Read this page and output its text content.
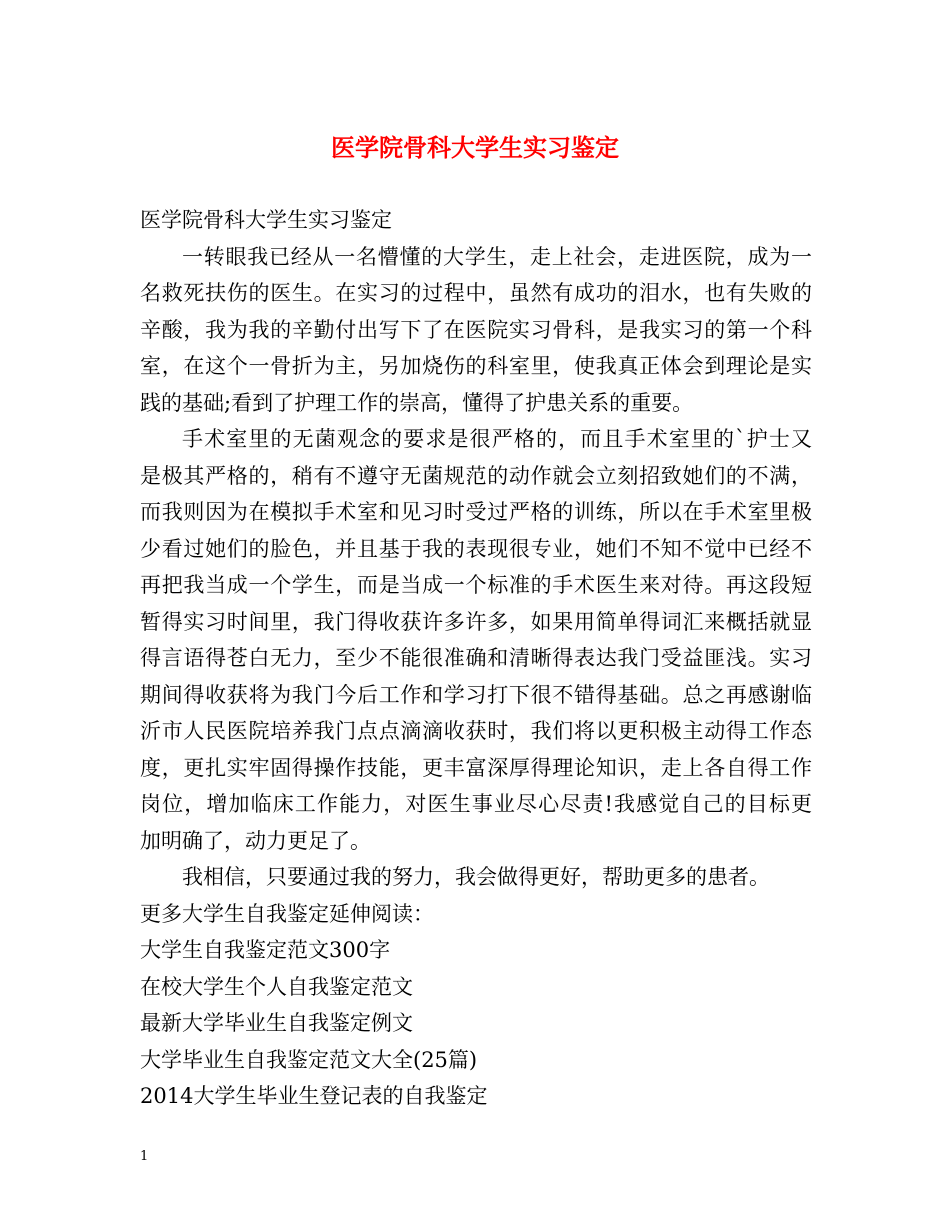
医学院骨科大学生实习鉴定
医学院骨科大学生实习鉴定
一转眼我已经从一名懵懂的大学生，走上社会，走进医院，成为一
名救死扶伤的医生。在实习的过程中，虽然有成功的泪水，也有失败的
辛酸，我为我的辛勤付出写下了在医院实习骨科，是我实习的第一个科
室，在这个一骨折为主，另加烧伤的科室里，使我真正体会到理论是实
践的基础;看到了护理工作的崇高，懂得了护患关系的重要。
手术室里的无菌观念的要求是很严格的，而且手术室里的`护士又
是极其严格的，稍有不遵守无菌规范的动作就会立刻招致她们的不满，
而我则因为在模拟手术室和见习时受过严格的训练，所以在手术室里极
少看过她们的脸色，并且基于我的表现很专业，她们不知不觉中已经不
再把我当成一个学生，而是当成一个标准的手术医生来对待。再这段短
暂得实习时间里，我门得收获许多许多，如果用简单得词汇来概括就显
得言语得苍白无力，至少不能很准确和清晰得表达我门受益匪浅。实习
期间得收获将为我门今后工作和学习打下很不错得基础。总之再感谢临
沂市人民医院培养我门点点滴滴收获时，我们将以更积极主动得工作态
度，更扎实牢固得操作技能，更丰富深厚得理论知识，走上各自得工作
岗位，增加临床工作能力，对医生事业尽心尽责!我感觉自己的目标更
加明确了，动力更足了。
我相信，只要通过我的努力，我会做得更好，帮助更多的患者。
更多大学生自我鉴定延伸阅读：
大学生自我鉴定范文300字
在校大学生个人自我鉴定范文
最新大学毕业生自我鉴定例文
大学毕业生自我鉴定范文大全(25篇)
2014大学生毕业生登记表的自我鉴定
1
